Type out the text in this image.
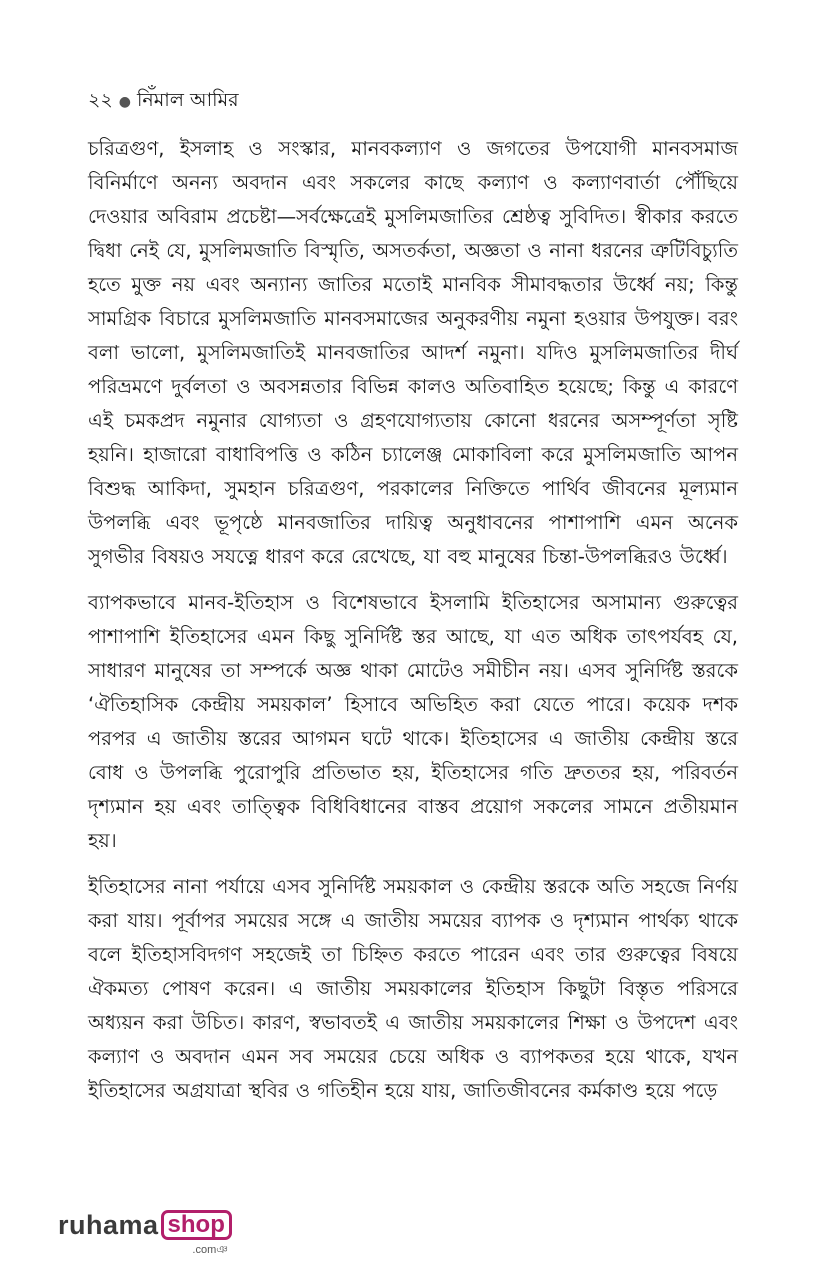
২২ ● নিঁমাল আমির

চরিত্রগুণ, ইসলাহ ও সংস্কার, মানবকল্যাণ ও জগতের উপযোগী মানবসমাজ বিনির্মাণে অনন্য অবদান এবং সকলের কাছে কল্যাণ ও কল্যাণবার্তা পৌঁছিয়ে দেওয়ার অবিরাম প্রচেষ্টা—সর্বক্ষেত্রেই মুসলিমজাতির শ্রেষ্ঠত্ব সুবিদিত। স্বীকার করতে দ্বিধা নেই যে, মুসলিমজাতি বিস্মৃতি, অসতর্কতা, অজ্ঞতা ও নানা ধরনের ত্রুটিবিচ্যুতি হতে মুক্ত নয় এবং অন্যান্য জাতির মতোই মানবিক সীমাবদ্ধতার উর্ধ্বে নয়; কিন্তু সামগ্রিক বিচারে মুসলিমজাতি মানবসমাজের অনুকরণীয় নমুনা হওয়ার উপযুক্ত। বরং বলা ভালো, মুসলিমজাতিই মানবজাতির আদর্শ নমুনা। যদিও মুসলিমজাতির দীর্ঘ পরিভ্রমণে দুর্বলতা ও অবসন্নতার বিভিন্ন কালও অতিবাহিত হয়েছে; কিন্তু এ কারণে এই চমকপ্রদ নমুনার যোগ্যতা ও গ্রহণযোগ্যতায় কোনো ধরনের অসম্পূর্ণতা সৃষ্টি হয়নি। হাজারো বাধাবিপত্তি ও কঠিন চ্যালেঞ্জ মোকাবিলা করে মুসলিমজাতি আপন বিশুদ্ধ আকিদা, সুমহান চরিত্রগুণ, পরকালের নিক্তিতে পার্থিব জীবনের মূল্যমান উপলব্ধি এবং ভূপৃষ্ঠে মানবজাতির দায়িত্ব অনুধাবনের পাশাপাশি এমন অনেক সুগভীর বিষয়ও সযত্নে ধারণ করে রেখেছে, যা বহু মানুষের চিন্তা-উপলব্ধিরও উর্ধ্বে।

ব্যাপকভাবে মানব-ইতিহাস ও বিশেষভাবে ইসলামি ইতিহাসের অসামান্য গুরুত্বের পাশাপাশি ইতিহাসের এমন কিছু সুনির্দিষ্ট স্তর আছে, যা এত অধিক তাৎপর্যবহ যে, সাধারণ মানুষের তা সম্পর্কে অজ্ঞ থাকা মোটেও সমীচীন নয়। এসব সুনির্দিষ্ট স্তরকে ‘ঐতিহাসিক কেন্দ্রীয় সময়কাল’ হিসাবে অভিহিত করা যেতে পারে। কয়েক দশক পরপর এ জাতীয় স্তরের আগমন ঘটে থাকে। ইতিহাসের এ জাতীয় কেন্দ্রীয় স্তরে বোধ ও উপলব্ধি পুরোপুরি প্রতিভাত হয়, ইতিহাসের গতি দ্রুততর হয়, পরিবর্তন দৃশ্যমান হয় এবং তাত্ত্বিক বিধিবিধানের বাস্তব প্রয়োগ সকলের সামনে প্রতীয়মান হয়।

ইতিহাসের নানা পর্যায়ে এসব সুনির্দিষ্ট সময়কাল ও কেন্দ্রীয় স্তরকে অতি সহজে নির্ণয় করা যায়। পূর্বাপর সময়ের সঙ্গে এ জাতীয় সময়ের ব্যাপক ও দৃশ্যমান পার্থক্য থাকে বলে ইতিহাসবিদগণ সহজেই তা চিহ্নিত করতে পারেন এবং তার গুরুত্বের বিষয়ে ঐকমত্য পোষণ করেন। এ জাতীয় সময়কালের ইতিহাস কিছুটা বিস্তৃত পরিসরে অধ্যয়ন করা উচিত। কারণ, স্বভাবতই এ জাতীয় সময়কালের শিক্ষা ও উপদেশ এবং কল্যাণ ও অবদান এমন সব সময়ের চেয়ে অধিক ও ব্যাপকতর হয়ে থাকে, যখন ইতিহাসের অগ্রযাত্রা স্থবির ও গতিহীন হয়ে যায়, জাতিজীবনের কর্মকাণ্ড হয়ে পড়ে

ruhama shop
.comঞ
